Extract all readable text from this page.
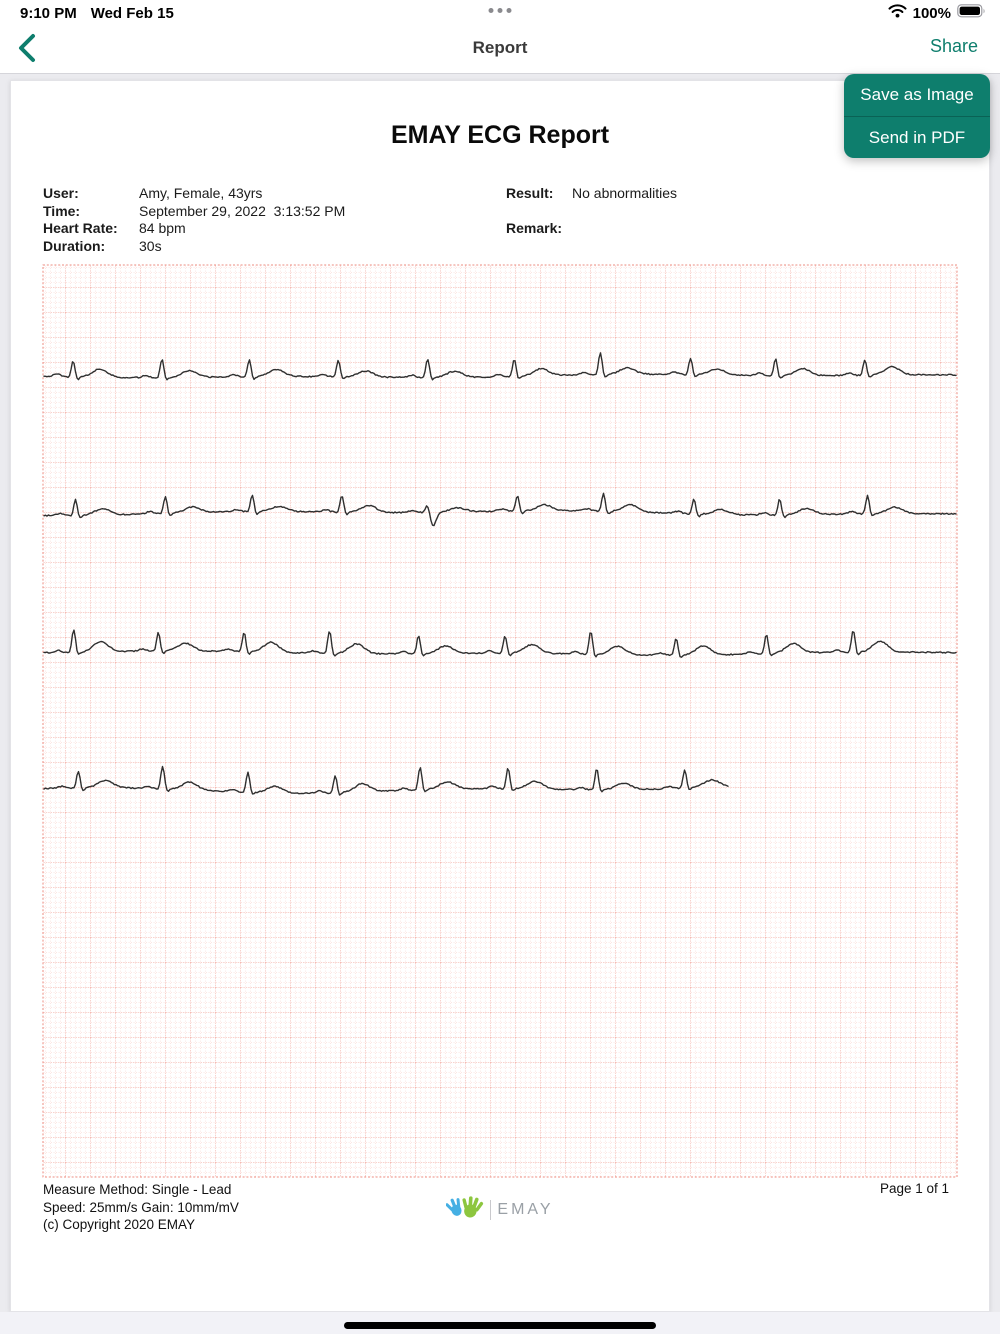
9:10 PM Wed Feb 15	100%
Report	Share
Save as Image
Send in PDF
EMAY ECG Report
User:	Amy, Female, 43yrs
Time:	September 29, 2022  3:13:52 PM
Heart Rate:	84 bpm
Duration:	30s
Result:	No abnormalities
Remark:
Measure Method: Single - Lead
Speed: 25mm/s Gain: 10mm/mV
(c) Copyright 2020 EMAY
Page 1 of 1
EMAY
